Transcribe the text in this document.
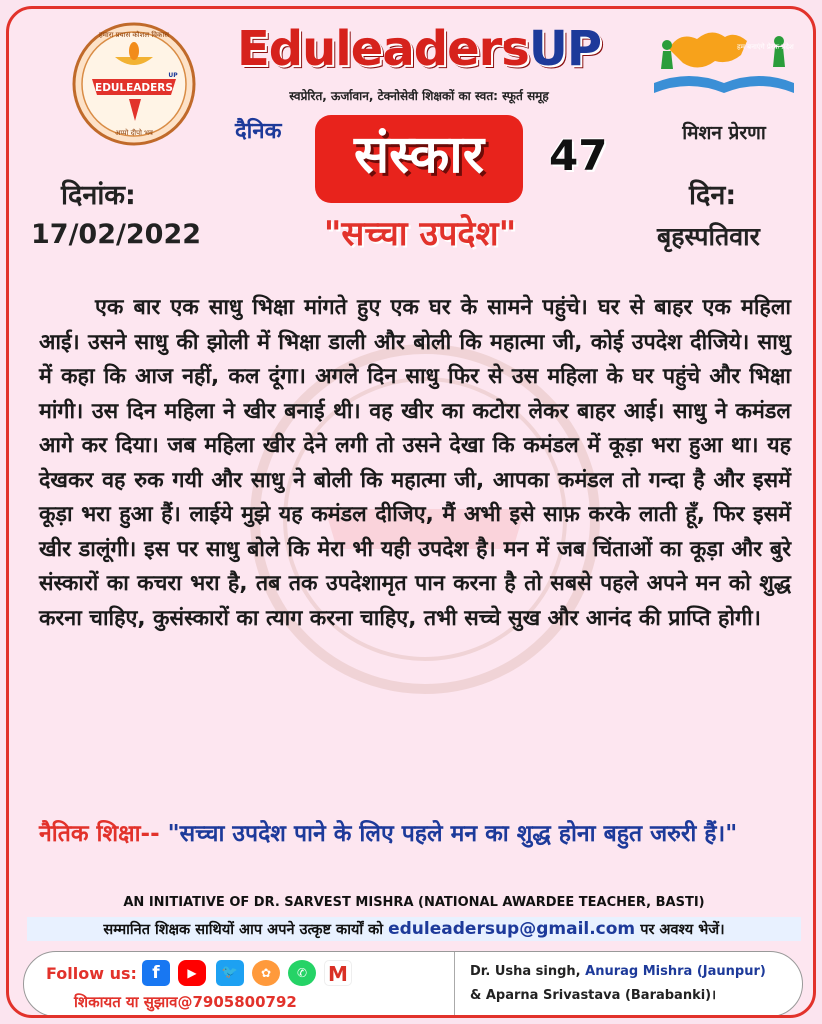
EDULEADERS
UP
हमारा प्रयास कौशल विकास
अप्पो दीपो भव
EduleadersUP
स्वप्रेरित, ऊर्जावान, टेक्नोसेवी शिक्षकों का स्वत: स्फूर्त समूह
हम बनाएंगे प्रेरक प्रदेश
मिशन प्रेरणा
दैनिक	संस्कार	47
दिनांक:
17/02/2022
दिन:
बृहस्पतिवार
"सच्चा उपदेश"

एक बार एक साधु भिक्षा मांगते हुए एक घर के सामने पहुंचे। घर से बाहर एक महिला आई। उसने साधु की झोली में भिक्षा डाली और बोली कि महात्मा जी, कोई उपदेश दीजिये। साधु में कहा कि आज नहीं, कल दूंगा। अगले दिन साधु फिर से उस महिला के घर पहुंचे और भिक्षा मांगी। उस दिन महिला ने खीर बनाई थी। वह खीर का कटोरा लेकर बाहर आई। साधु ने कमंडल आगे कर दिया। जब महिला खीर देने लगी तो उसने देखा कि कमंडल में कूड़ा भरा हुआ था। यह देखकर वह रुक गयी और साधु ने बोली कि महात्मा जी, आपका कमंडल तो गन्दा है और इसमें कूड़ा भरा हुआ हैं। लाईये मुझे यह कमंडल दीजिए, मैं अभी इसे साफ़ करके लाती हूँ, फिर इसमें खीर डालूंगी। इस पर साधु बोले कि मेरा भी यही उपदेश है। मन में जब चिंताओं का कूड़ा और बुरे संस्कारों का कचरा भरा है, तब तक उपदेशामृत पान करना है तो सबसे पहले अपने मन को शुद्ध करना चाहिए, कुसंस्कारों का त्याग करना चाहिए, तभी सच्चे सुख और आनंद की प्राप्ति होगी।

नैतिक शिक्षा-- "सच्चा उपदेश पाने के लिए पहले मन का शुद्ध होना बहुत जरुरी हैं।"

AN INITIATIVE OF DR. SARVEST MISHRA (NATIONAL AWARDEE TEACHER, BASTI)
सम्मानित शिक्षक साथियों आप अपने उत्कृष्ट कार्यों को eduleadersup@gmail.com पर अवश्य भेजें।
Follow us: f	▶	🐦	✿	✆	M
शिकायत या सुझाव@7905800792
Dr. Usha singh, Anurag Mishra (Jaunpur)
& Aparna Srivastava (Barabanki)।
